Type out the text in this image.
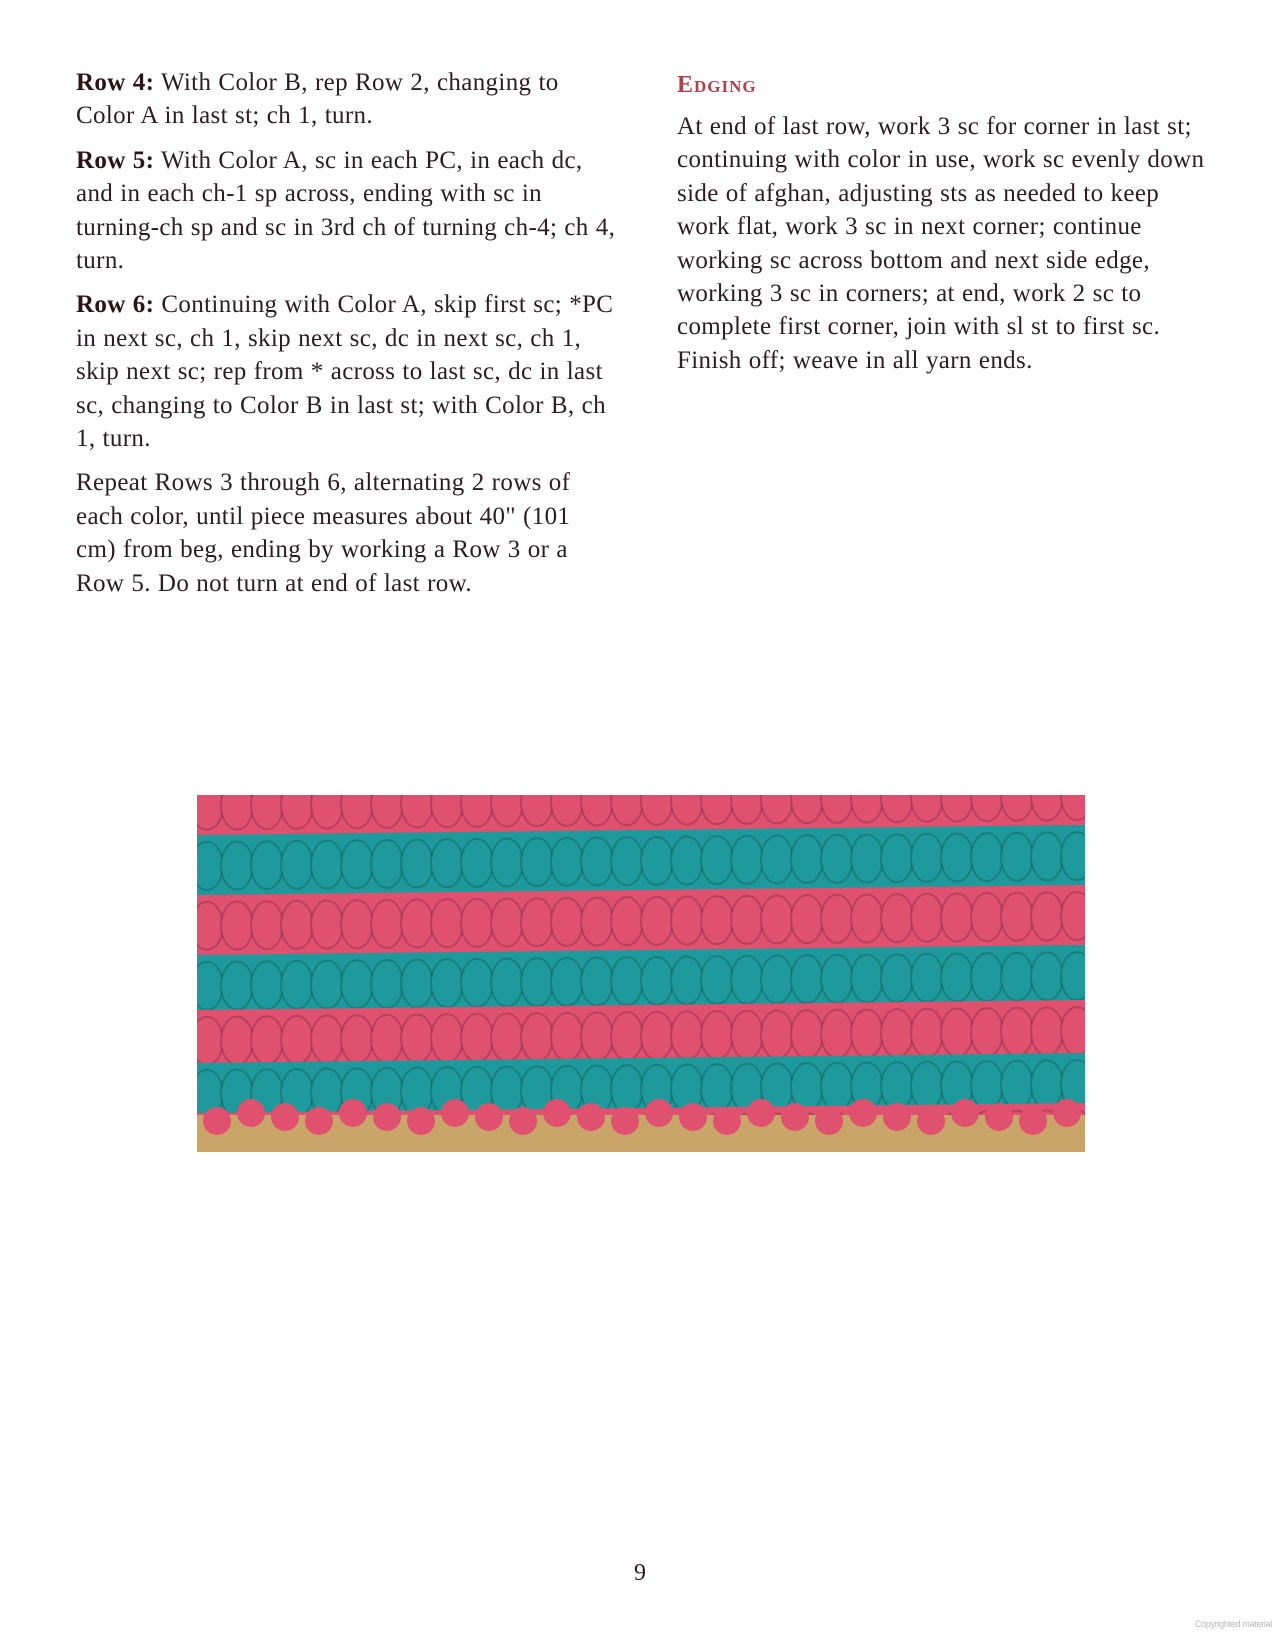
Row 4: With Color B, rep Row 2, changing to Color A in last st; ch 1, turn.

Row 5: With Color A, sc in each PC, in each dc, and in each ch-1 sp across, ending with sc in turning-ch sp and sc in 3rd ch of turning ch-4; ch 4, turn.

Row 6: Continuing with Color A, skip first sc; *PC in next sc, ch 1, skip next sc, dc in next sc, ch 1, skip next sc; rep from * across to last sc, dc in last sc, changing to Color B in last st; with Color B, ch 1, turn.

Repeat Rows 3 through 6, alternating 2 rows of each color, until piece measures about 40" (101 cm) from beg, ending by working a Row 3 or a Row 5. Do not turn at end of last row.

Edging

At end of last row, work 3 sc for corner in last st; continuing with color in use, work sc evenly down side of afghan, adjusting sts as needed to keep work flat, work 3 sc in next corner; continue working sc across bottom and next side edge, working 3 sc in corners; at end, work 2 sc to complete first corner, join with sl st to first sc. Finish off; weave in all yarn ends.

9
Copyrighted material
